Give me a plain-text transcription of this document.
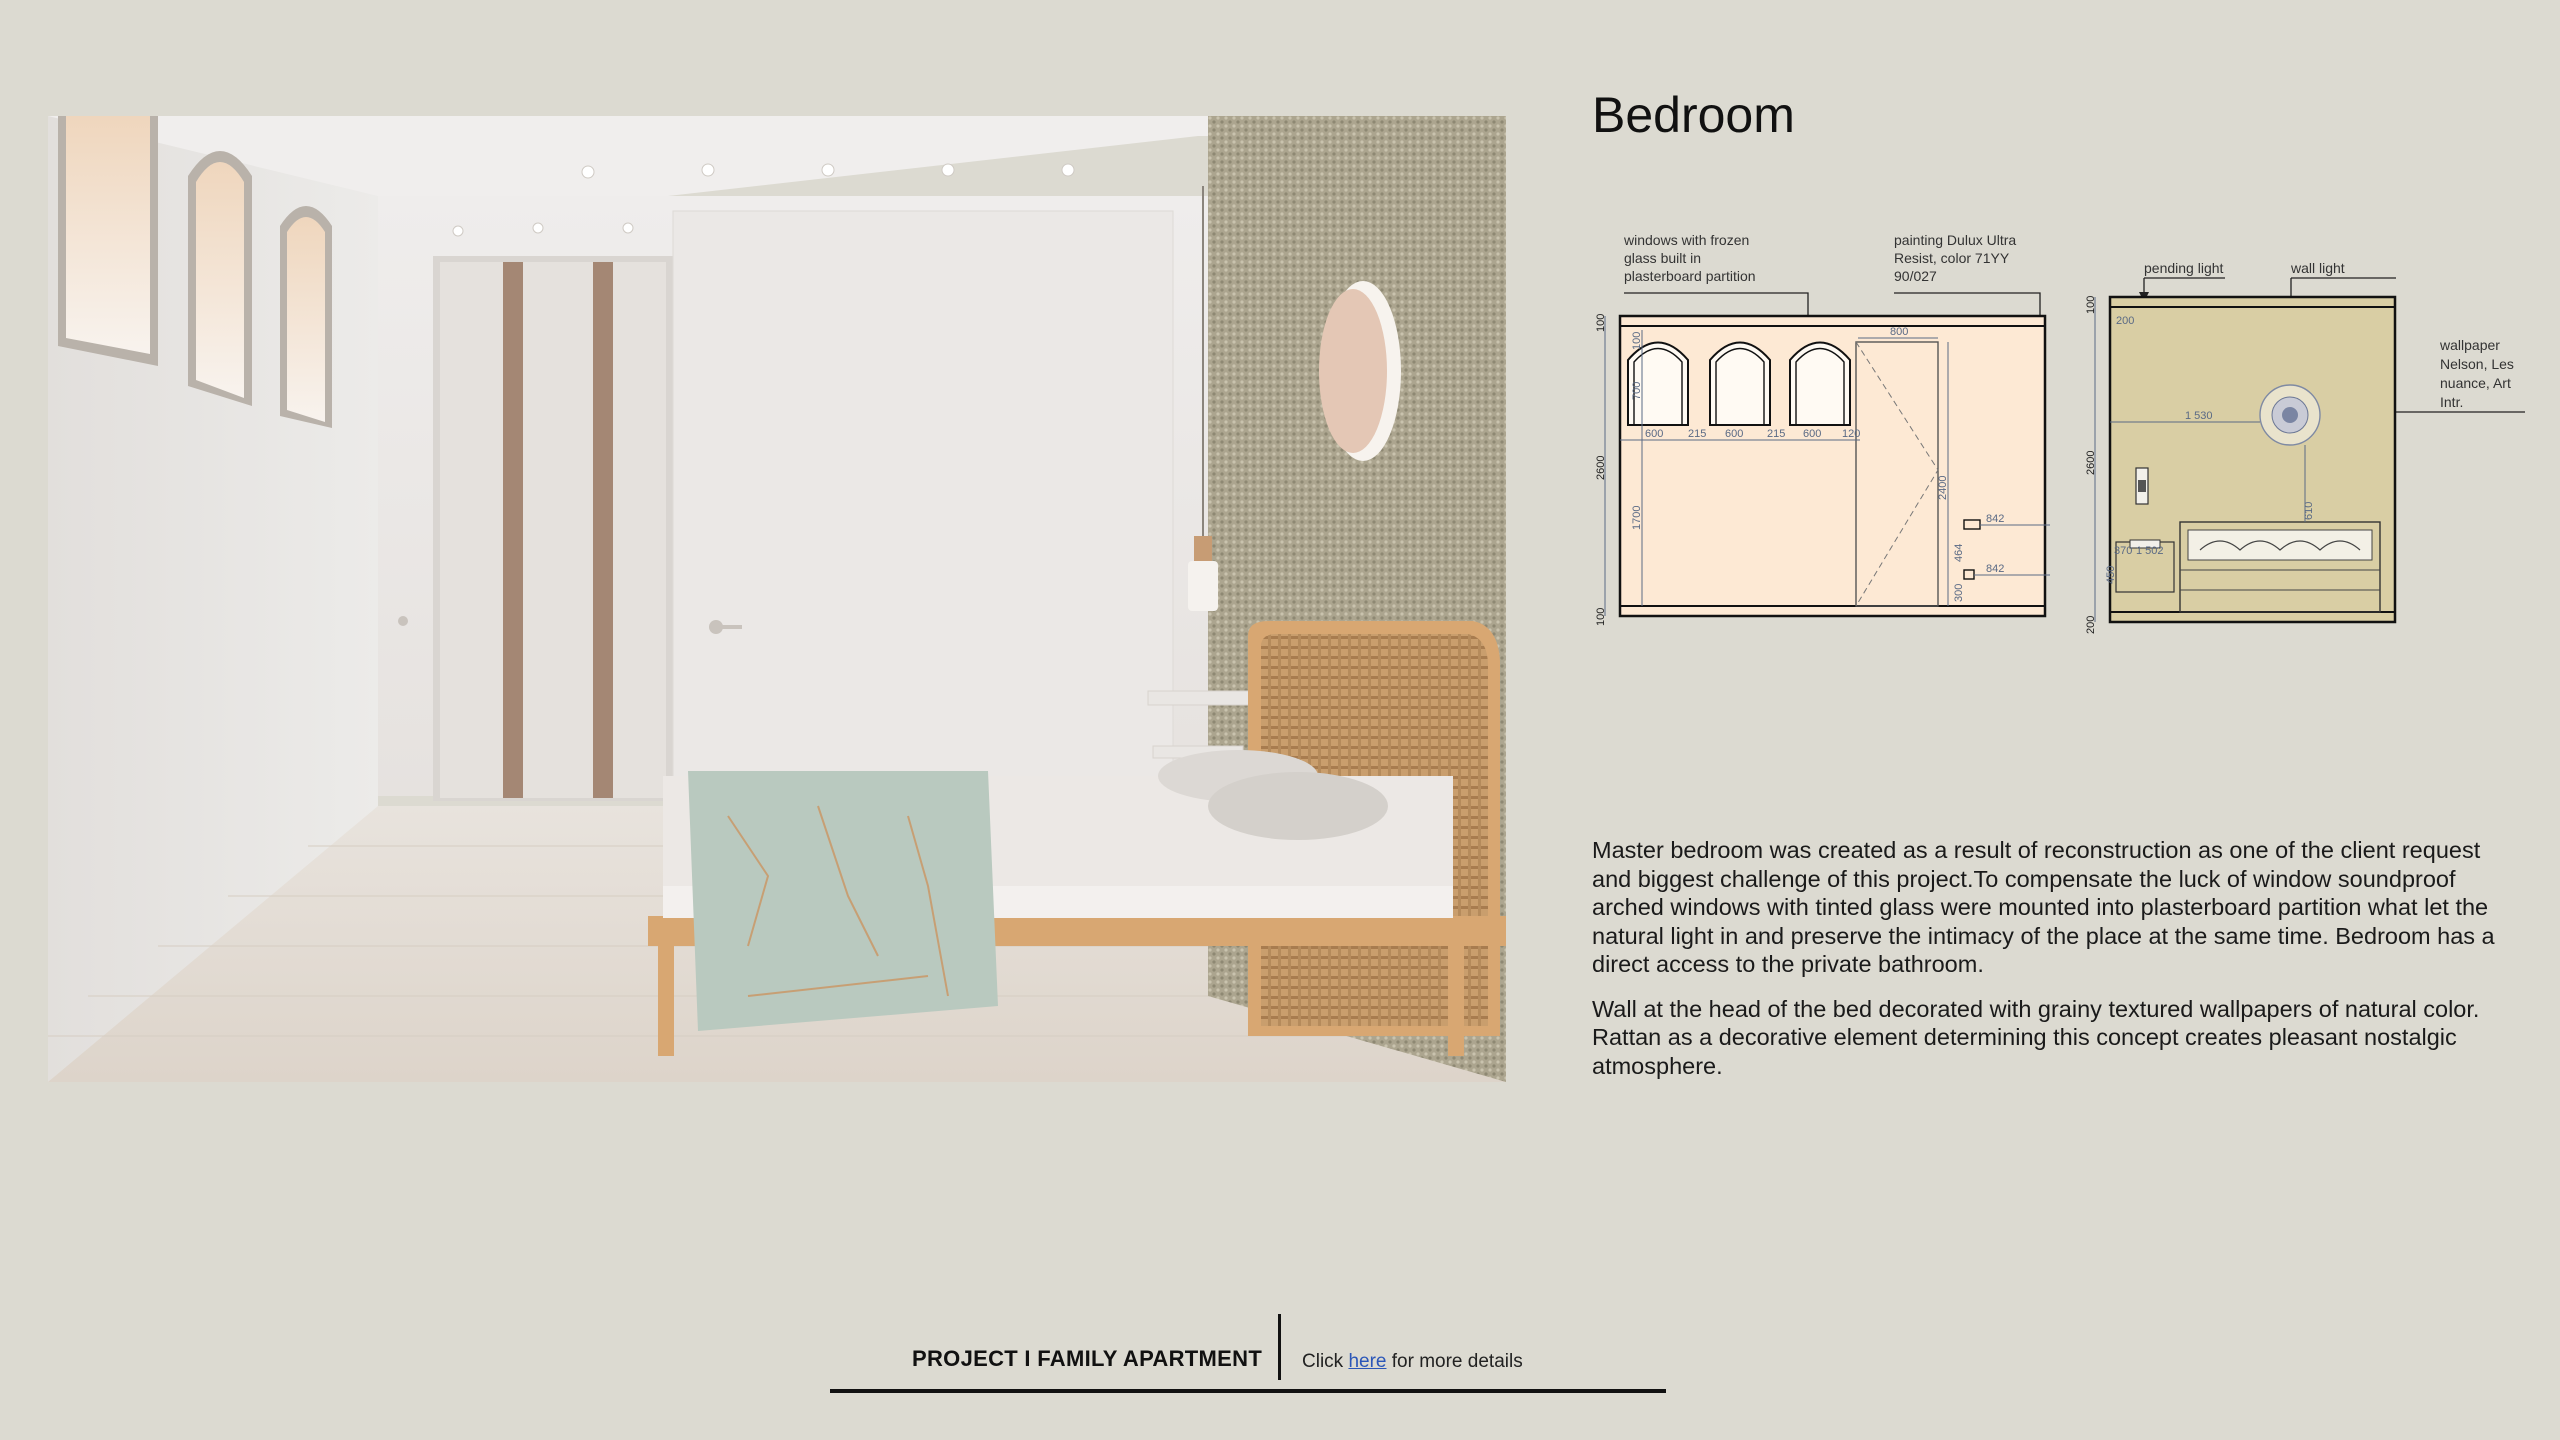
Bedroom
windows with frozen
glass built in
plasterboard partition
painting Dulux Ultra
Resist, color 71YY
90/027
100
2600
100
100
700
1700
600 215 600 215 600 120
800
2400
842
842
464
300
pending light	wall light
wallpaper
Nelson, Les
nuance, Art
Intr.
100
2600
200
200
1 530
610
370 1 502
450

Master bedroom was created as a result of reconstruction as one of the client request and biggest challenge of this project.To compensate the luck of window soundproof arched windows with tinted glass were mounted into plasterboard partition what let the natural light in and preserve the intimacy of the place at the same time. Bedroom has a direct access to the private bathroom.

Wall at the head of the bed decorated with grainy textured wallpapers of natural color. Rattan as a decorative element determining this concept creates pleasant nostalgic atmosphere.

PROJECT I FAMILY APARTMENT Click here for more details
